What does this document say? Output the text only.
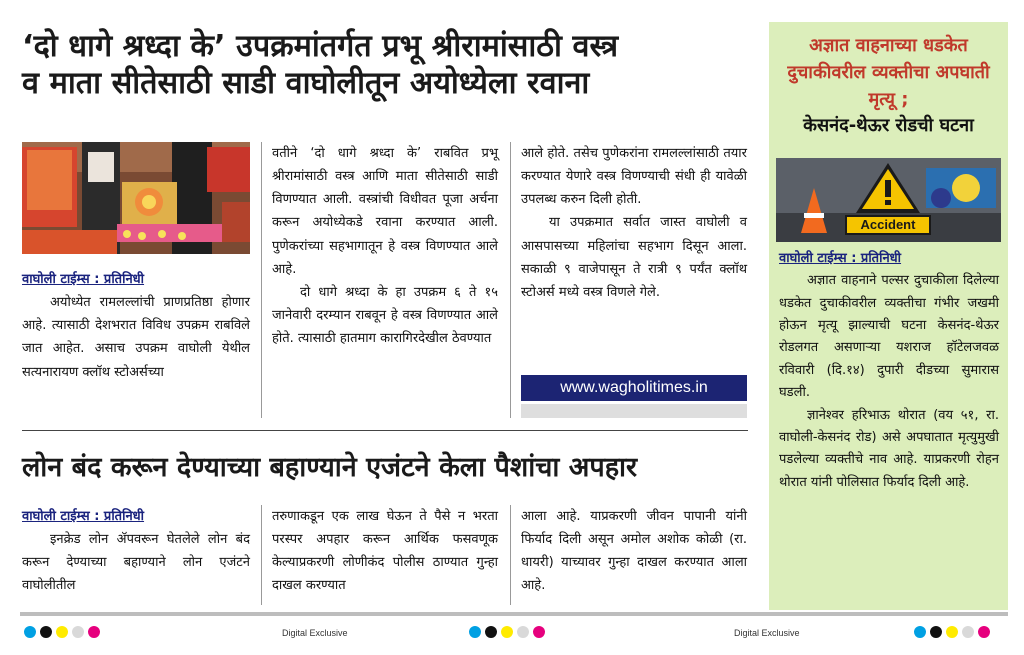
‘दो धागे श्रध्दा के’ उपक्रमांतर्गत प्रभू श्रीरामांसाठी वस्त्र
व माता सीतेसाठी साडी वाघोलीतून अयोध्येला रवाना

वाघोली टाईम्स : प्रतिनिधी

अयोध्येत रामलल्लांची प्राणप्रतिष्ठा होणार आहे. त्यासाठी देशभरात विविध उपक्रम राबविले जात आहेत. असाच उपक्रम वाघोली येथील सत्यनारायण क्लॉथ स्टोअर्सच्या

वतीने ‘दो धागे श्रध्दा के’ राबवित प्रभू श्रीरामांसाठी वस्त्र आणि माता सीतेसाठी साडी विणण्यात आली. वस्त्रांची विधीवत पूजा अर्चना करून अयोध्येकडे रवाना करण्यात आली. पुणेकरांच्या सहभागातून हे वस्त्र विणण्यात आले आहे.

दो धागे श्रध्दा के हा उपक्रम ६ ते १५ जानेवारी दरम्यान राबवून हे वस्त्र विणण्यात आले होते. त्यासाठी हातमाग कारागिरदेखील ठेवण्यात

आले होते. तसेच पुणेकरांना रामलल्लांसाठी तयार करण्यात येणारे वस्त्र विणण्याची संधी ही यावेळी उपलब्ध करुन दिली होती.

या उपक्रमात सर्वात जास्त वाघोली व आसपासच्या महिलांचा सहभाग दिसून आला. सकाळी ९ वाजेपासून ते रात्री ९ पर्यंत क्लॉथ स्टोअर्स मध्ये वस्त्र विणले गेले.

www.wagholitimes.in
लोन बंद करून देण्याच्या बहाण्याने एजंटने केला पैशांचा अपहार

वाघोली टाईम्स : प्रतिनिधी

इनक्रेड लोन ॲपवरून घेतलेले लोन बंद करून देण्याच्या बहाण्याने लोन एजंटने वाघोलीतील

तरुणाकडून एक लाख घेऊन ते पैसे न भरता परस्पर अपहार करून आर्थिक फसवणूक केल्याप्रकरणी लोणीकंद पोलीस ठाण्यात गुन्हा दाखल करण्यात

आला आहे. याप्रकरणी जीवन पापानी यांनी फिर्याद दिली असून अमोल अशोक कोळी (रा. धायरी) याच्यावर गुन्हा दाखल करण्यात आला आहे.

अज्ञात वाहनाच्या धडकेत दुचाकीवरील व्यक्तीचा अपघाती मृत्यू ;

केसनंद-थेऊर रोडची घटना

Accident

वाघोली टाईम्स : प्रतिनिधी

अज्ञात वाहनाने पल्सर दुचाकीला दिलेल्या धडकेत दुचाकीवरील व्यक्तीचा गंभीर जखमी होऊन मृत्यू झाल्याची घटना केसनंद-थेऊर रोडलगत असणाऱ्या यशराज हॉटेलजवळ रविवारी (दि.१४) दुपारी दीडच्या सुमारास घडली.

ज्ञानेश्वर हरिभाऊ थोरात (वय ५१, रा. वाघोली-केसनंद रोड) असे अपघातात मृत्युमुखी पडलेल्या व्यक्तीचे नाव आहे. याप्रकरणी रोहन थोरात यांनी पोलिसात फिर्याद दिली आहे.

Digital Exclusive	Digital Exclusive
